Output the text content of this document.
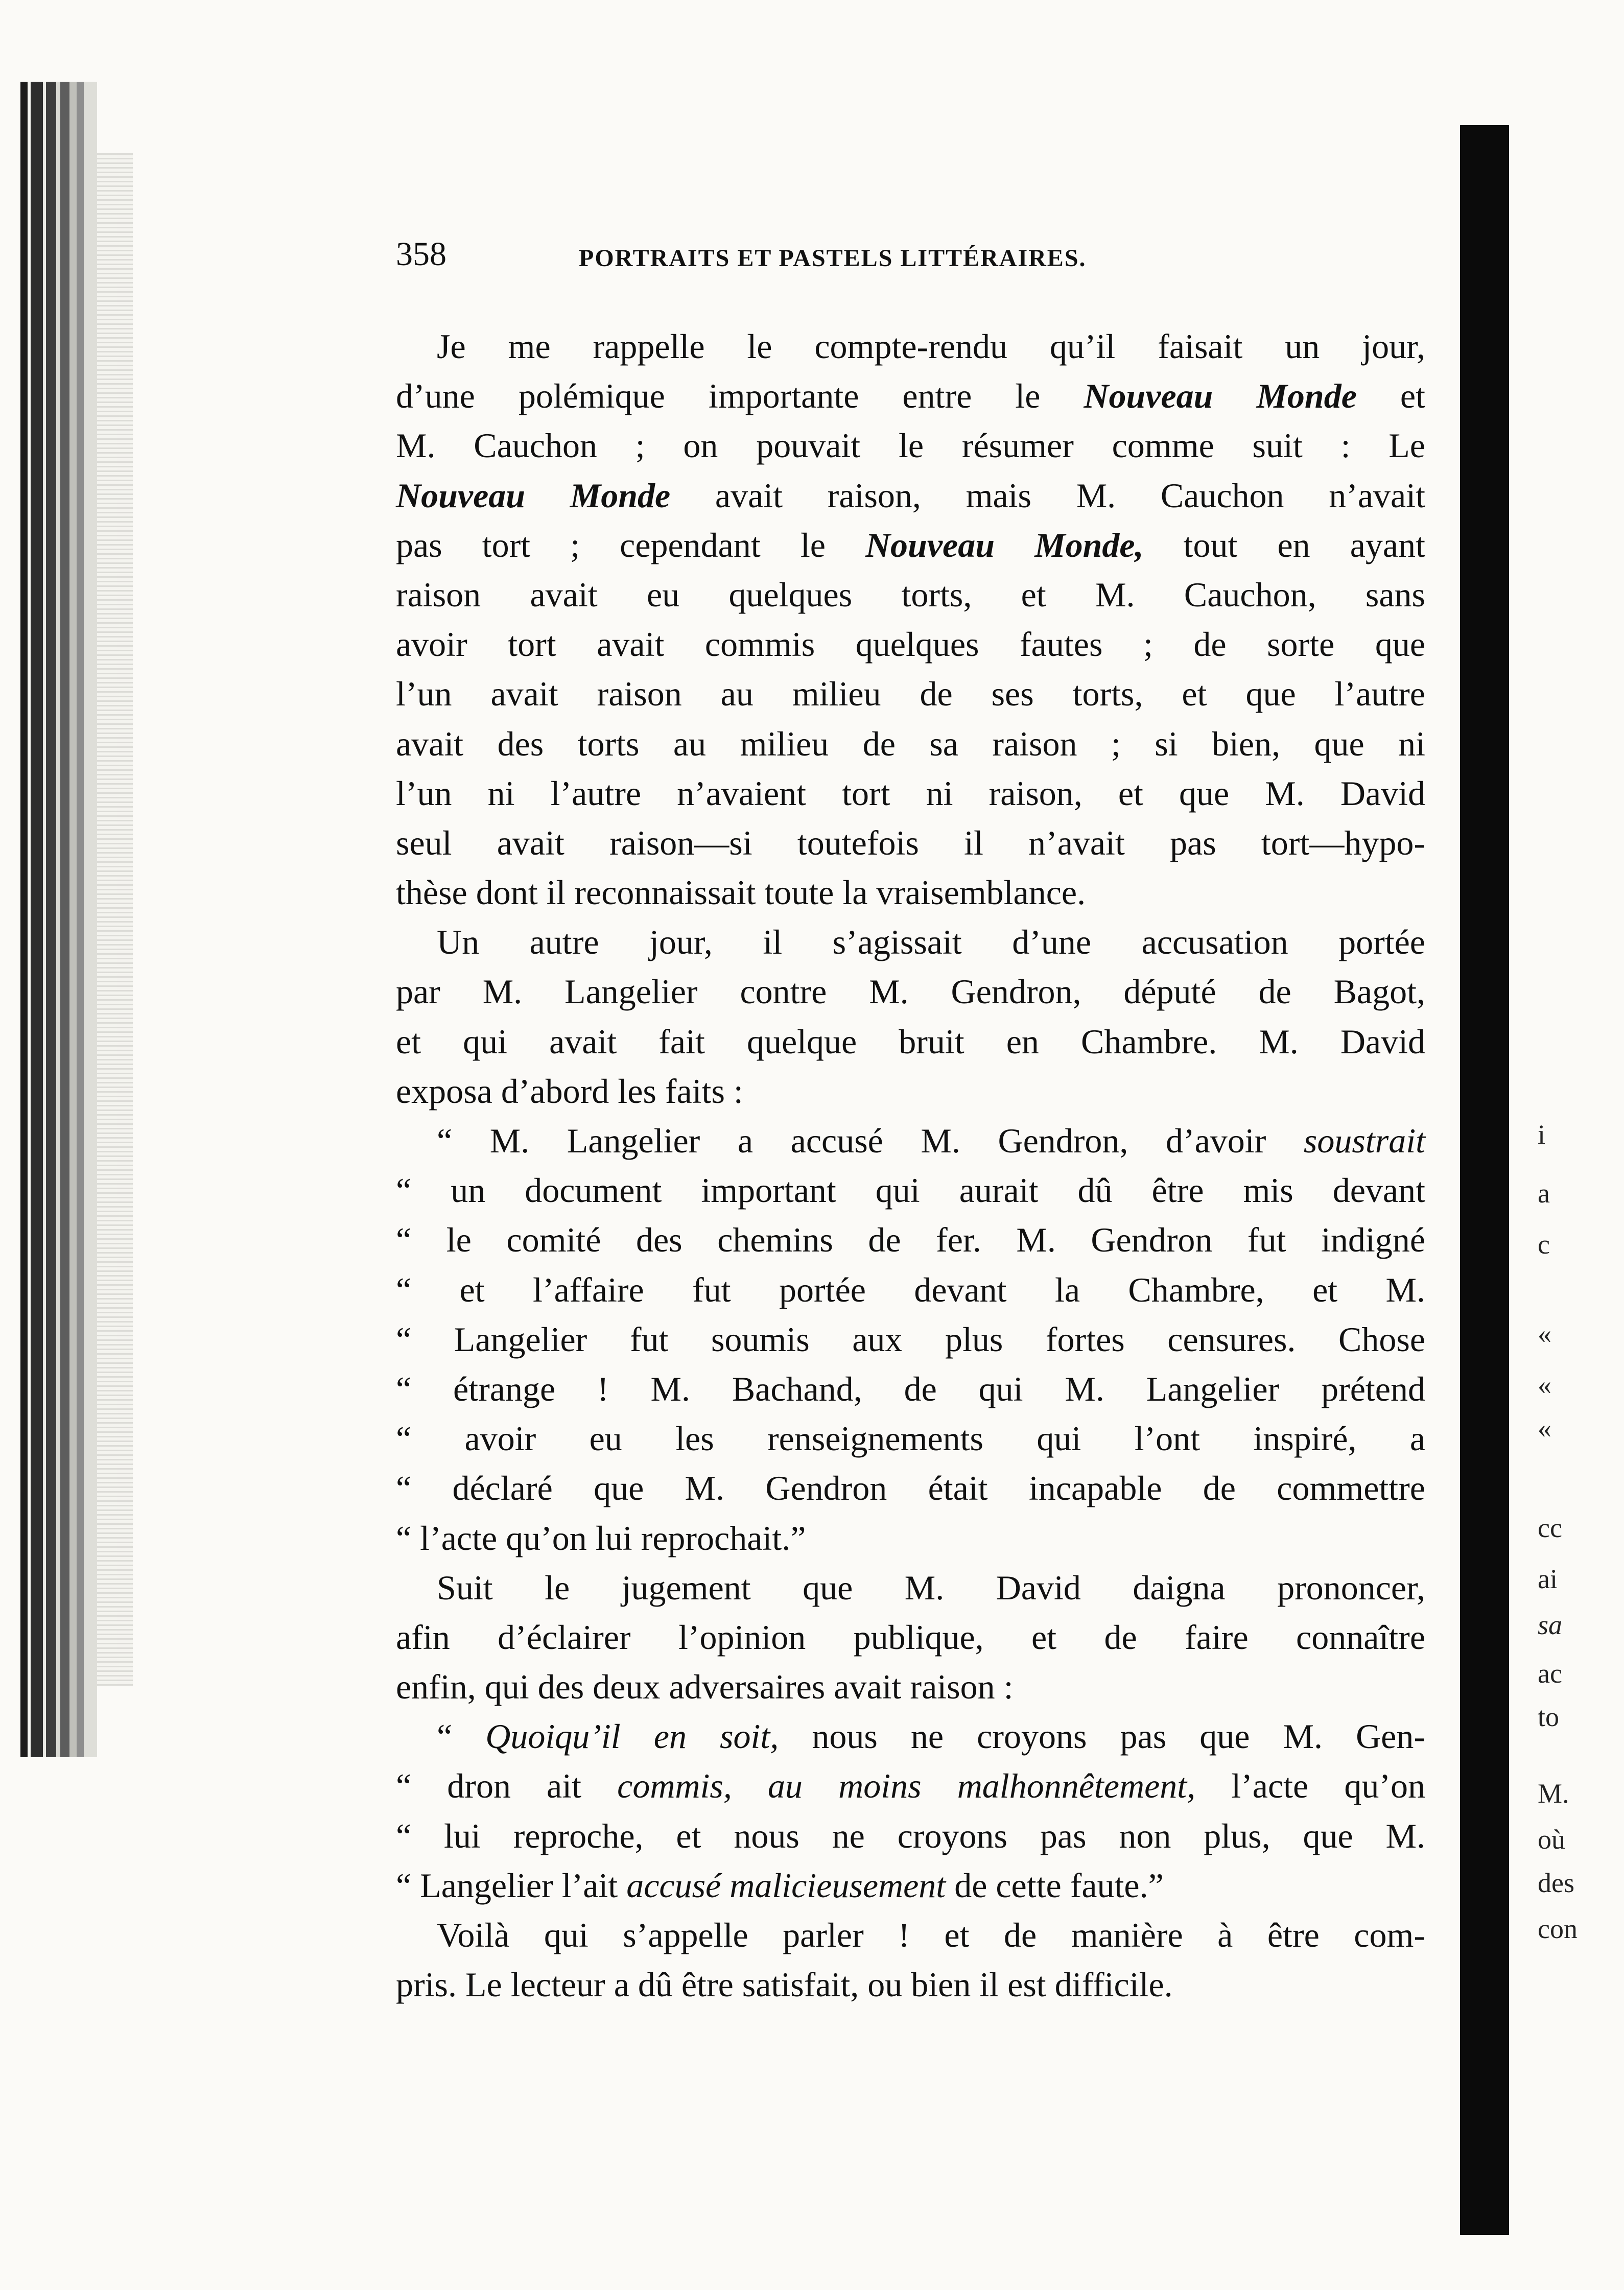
i
a
c
«
«
«
cc
ai
sa
ac
to
M.
où
des
con
358	PORTRAITS ET PASTELS LITTÉRAIRES.
Je me rappelle le compte-rendu qu’il faisait un jour,
d’une polémique importante entre le Nouveau Monde et
M. Cauchon ; on pouvait le résumer comme suit : Le
Nouveau Monde avait raison, mais M. Cauchon n’avait
pas tort ; cependant le Nouveau Monde, tout en ayant
raison avait eu quelques torts, et M. Cauchon, sans
avoir tort avait commis quelques fautes ; de sorte que
l’un avait raison au milieu de ses torts, et que l’autre
avait des torts au milieu de sa raison ; si bien, que ni
l’un ni l’autre n’avaient tort ni raison, et que M. David
seul avait raison—si toutefois il n’avait pas tort—hypo-
thèse dont il reconnaissait toute la vraisemblance.
Un autre jour, il s’agissait d’une accusation portée
par M. Langelier contre M. Gendron, député de Bagot,
et qui avait fait quelque bruit en Chambre. M. David
exposa d’abord les faits :
“ M. Langelier a accusé M. Gendron, d’avoir soustrait
“ un document important qui aurait dû être mis devant
“ le comité des chemins de fer. M. Gendron fut indigné
“ et l’affaire fut portée devant la Chambre, et M.
“ Langelier fut soumis aux plus fortes censures. Chose
“ étrange ! M. Bachand, de qui M. Langelier prétend
“ avoir eu les renseignements qui l’ont inspiré, a
“ déclaré que M. Gendron était incapable de commettre
“ l’acte qu’on lui reprochait.”
Suit le jugement que M. David daigna prononcer,
afin d’éclairer l’opinion publique, et de faire connaître
enfin, qui des deux adversaires avait raison :
“ Quoiqu’il en soit, nous ne croyons pas que M. Gen-
“ dron ait commis, au moins malhonnêtement, l’acte qu’on
“ lui reproche, et nous ne croyons pas non plus, que M.
“ Langelier l’ait accusé malicieusement de cette faute.”
Voilà qui s’appelle parler ! et de manière à être com-
pris. Le lecteur a dû être satisfait, ou bien il est difficile.
